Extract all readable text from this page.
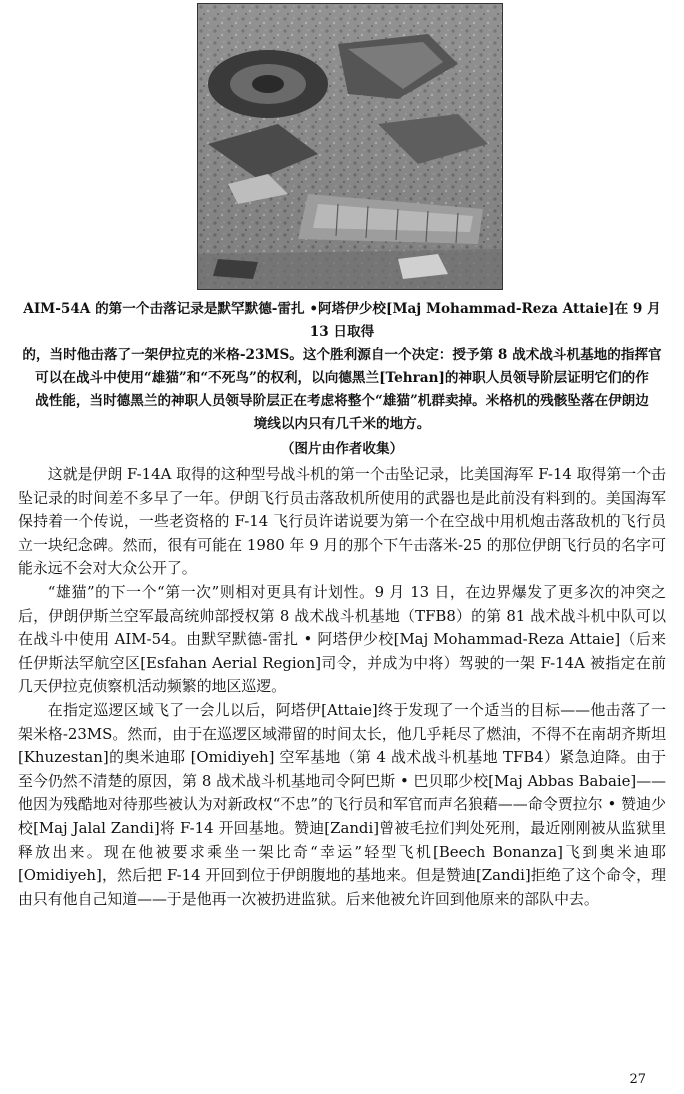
AIM-54A 的第一个击落记录是默罕默德-雷扎 •阿塔伊少校[Maj Mohammad-Reza Attaie]在 9 月 13 日取得

的，当时他击落了一架伊拉克的米格-23MS。这个胜利源自一个决定：授予第 8 战术战斗机基地的指挥官

可以在战斗中使用“雄猫”和“不死鸟”的权利，以向德黑兰[Tehran]的神职人员领导阶层证明它们的作

战性能，当时德黑兰的神职人员领导阶层正在考虑将整个“雄猫”机群卖掉。米格机的残骸坠落在伊朗边

境线以内只有几千米的地方。

（图片由作者收集）

这就是伊朗 F-14A 取得的这种型号战斗机的第一个击坠记录，比美国海军 F-14 取得第一个击坠记录的时间差不多早了一年。伊朗飞行员击落敌机所使用的武器也是此前没有料到的。美国海军保持着一个传说，一些老资格的 F-14 飞行员许诺说要为第一个在空战中用机炮击落敌机的飞行员立一块纪念碑。然而，很有可能在 1980 年 9 月的那个下午击落米-25 的那位伊朗飞行员的名字可能永远不会对大众公开了。

“雄猫”的下一个“第一次”则相对更具有计划性。9 月 13 日，在边界爆发了更多次的冲突之后，伊朗伊斯兰空军最高统帅部授权第 8 战术战斗机基地（TFB8）的第 81 战术战斗机中队可以在战斗中使用 AIM-54。由默罕默德-雷扎 • 阿塔伊少校[Maj Mohammad-Reza Attaie]（后来任伊斯法罕航空区[Esfahan Aerial Region]司令，并成为中将）驾驶的一架 F-14A 被指定在前几天伊拉克侦察机活动频繁的地区巡逻。

在指定巡逻区域飞了一会儿以后，阿塔伊[Attaie]终于发现了一个适当的目标——他击落了一架米格-23MS。然而，由于在巡逻区域滞留的时间太长，他几乎耗尽了燃油，不得不在南胡齐斯坦[Khuzestan]的奥米迪耶 [Omidiyeh] 空军基地（第 4 战术战斗机基地 TFB4）紧急迫降。由于至今仍然不清楚的原因，第 8 战术战斗机基地司令阿巴斯 • 巴贝耶少校[Maj Abbas Babaie]——他因为残酷地对待那些被认为对新政权“不忠”的飞行员和军官而声名狼藉——命令贾拉尔 • 赞迪少校[Maj Jalal Zandi]将 F-14 开回基地。赞迪[Zandi]曾被毛拉们判处死刑，最近刚刚被从监狱里释放出来。现在他被要求乘坐一架比奇“幸运”轻型飞机[Beech Bonanza]飞到奥米迪耶 [Omidiyeh]，然后把 F-14 开回到位于伊朗腹地的基地来。但是赞迪[Zandi]拒绝了这个命令，理由只有他自己知道——于是他再一次被扔进监狱。后来他被允许回到他原来的部队中去。

27
